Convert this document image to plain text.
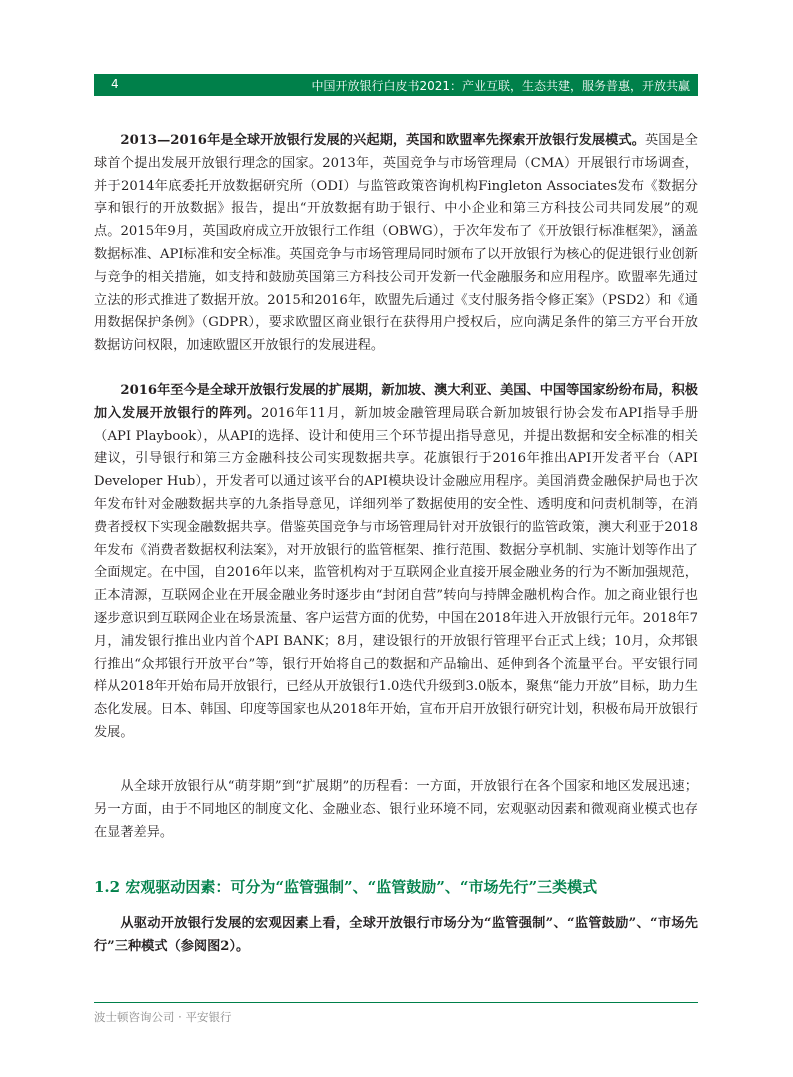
4	中国开放银行白皮书2021：产业互联，生态共建，服务普惠，开放共赢

2013—2016年是全球开放银行发展的兴起期，英国和欧盟率先探索开放银行发展模式。英国是全球首个提出发展开放银行理念的国家。2013年，英国竞争与市场管理局（CMA）开展银行市场调查，并于2014年底委托开放数据研究所（ODI）与监管政策咨询机构Fingleton Associates发布《数据分享和银行的开放数据》报告，提出“开放数据有助于银行、中小企业和第三方科技公司共同发展”的观点。2015年9月，英国政府成立开放银行工作组（OBWG），于次年发布了《开放银行标准框架》，涵盖数据标准、API标准和安全标准。英国竞争与市场管理局同时颁布了以开放银行为核心的促进银行业创新与竞争的相关措施，如支持和鼓励英国第三方科技公司开发新一代金融服务和应用程序。欧盟率先通过立法的形式推进了数据开放。2015和2016年，欧盟先后通过《支付服务指令修正案》（PSD2）和《通用数据保护条例》（GDPR），要求欧盟区商业银行在获得用户授权后，应向满足条件的第三方平台开放数据访问权限，加速欧盟区开放银行的发展进程。

2016年至今是全球开放银行发展的扩展期，新加坡、澳大利亚、美国、中国等国家纷纷布局，积极加入发展开放银行的阵列。2016年11月，新加坡金融管理局联合新加坡银行协会发布API指导手册（API Playbook），从API的选择、设计和使用三个环节提出指导意见，并提出数据和安全标准的相关建议，引导银行和第三方金融科技公司实现数据共享。花旗银行于2016年推出API开发者平台（API Developer Hub），开发者可以通过该平台的API模块设计金融应用程序。美国消费金融保护局也于次年发布针对金融数据共享的九条指导意见，详细列举了数据使用的安全性、透明度和问责机制等，在消费者授权下实现金融数据共享。借鉴英国竞争与市场管理局针对开放银行的监管政策，澳大利亚于2018年发布《消费者数据权利法案》，对开放银行的监管框架、推行范围、数据分享机制、实施计划等作出了全面规定。在中国，自2016年以来，监管机构对于互联网企业直接开展金融业务的行为不断加强规范，正本清源，互联网企业在开展金融业务时逐步由“封闭自营”转向与持牌金融机构合作。加之商业银行也逐步意识到互联网企业在场景流量、客户运营方面的优势，中国在2018年进入开放银行元年。2018年7月，浦发银行推出业内首个API BANK；8月，建设银行的开放银行管理平台正式上线；10月，众邦银行推出“众邦银行开放平台”等，银行开始将自己的数据和产品输出、延伸到各个流量平台。平安银行同样从2018年开始布局开放银行，已经从开放银行1.0迭代升级到3.0版本，聚焦“能力开放”目标，助力生态化发展。日本、韩国、印度等国家也从2018年开始，宣布开启开放银行研究计划，积极布局开放银行发展。

从全球开放银行从“萌芽期”到“扩展期”的历程看：一方面，开放银行在各个国家和地区发展迅速；另一方面，由于不同地区的制度文化、金融业态、银行业环境不同，宏观驱动因素和微观商业模式也存在显著差异。

1.2 宏观驱动因素：可分为“监管强制”、“监管鼓励”、“市场先行”三类模式

从驱动开放银行发展的宏观因素上看，全球开放银行市场分为“监管强制”、“监管鼓励”、“市场先行”三种模式（参阅图2）。

波士顿咨询公司 · 平安银行
